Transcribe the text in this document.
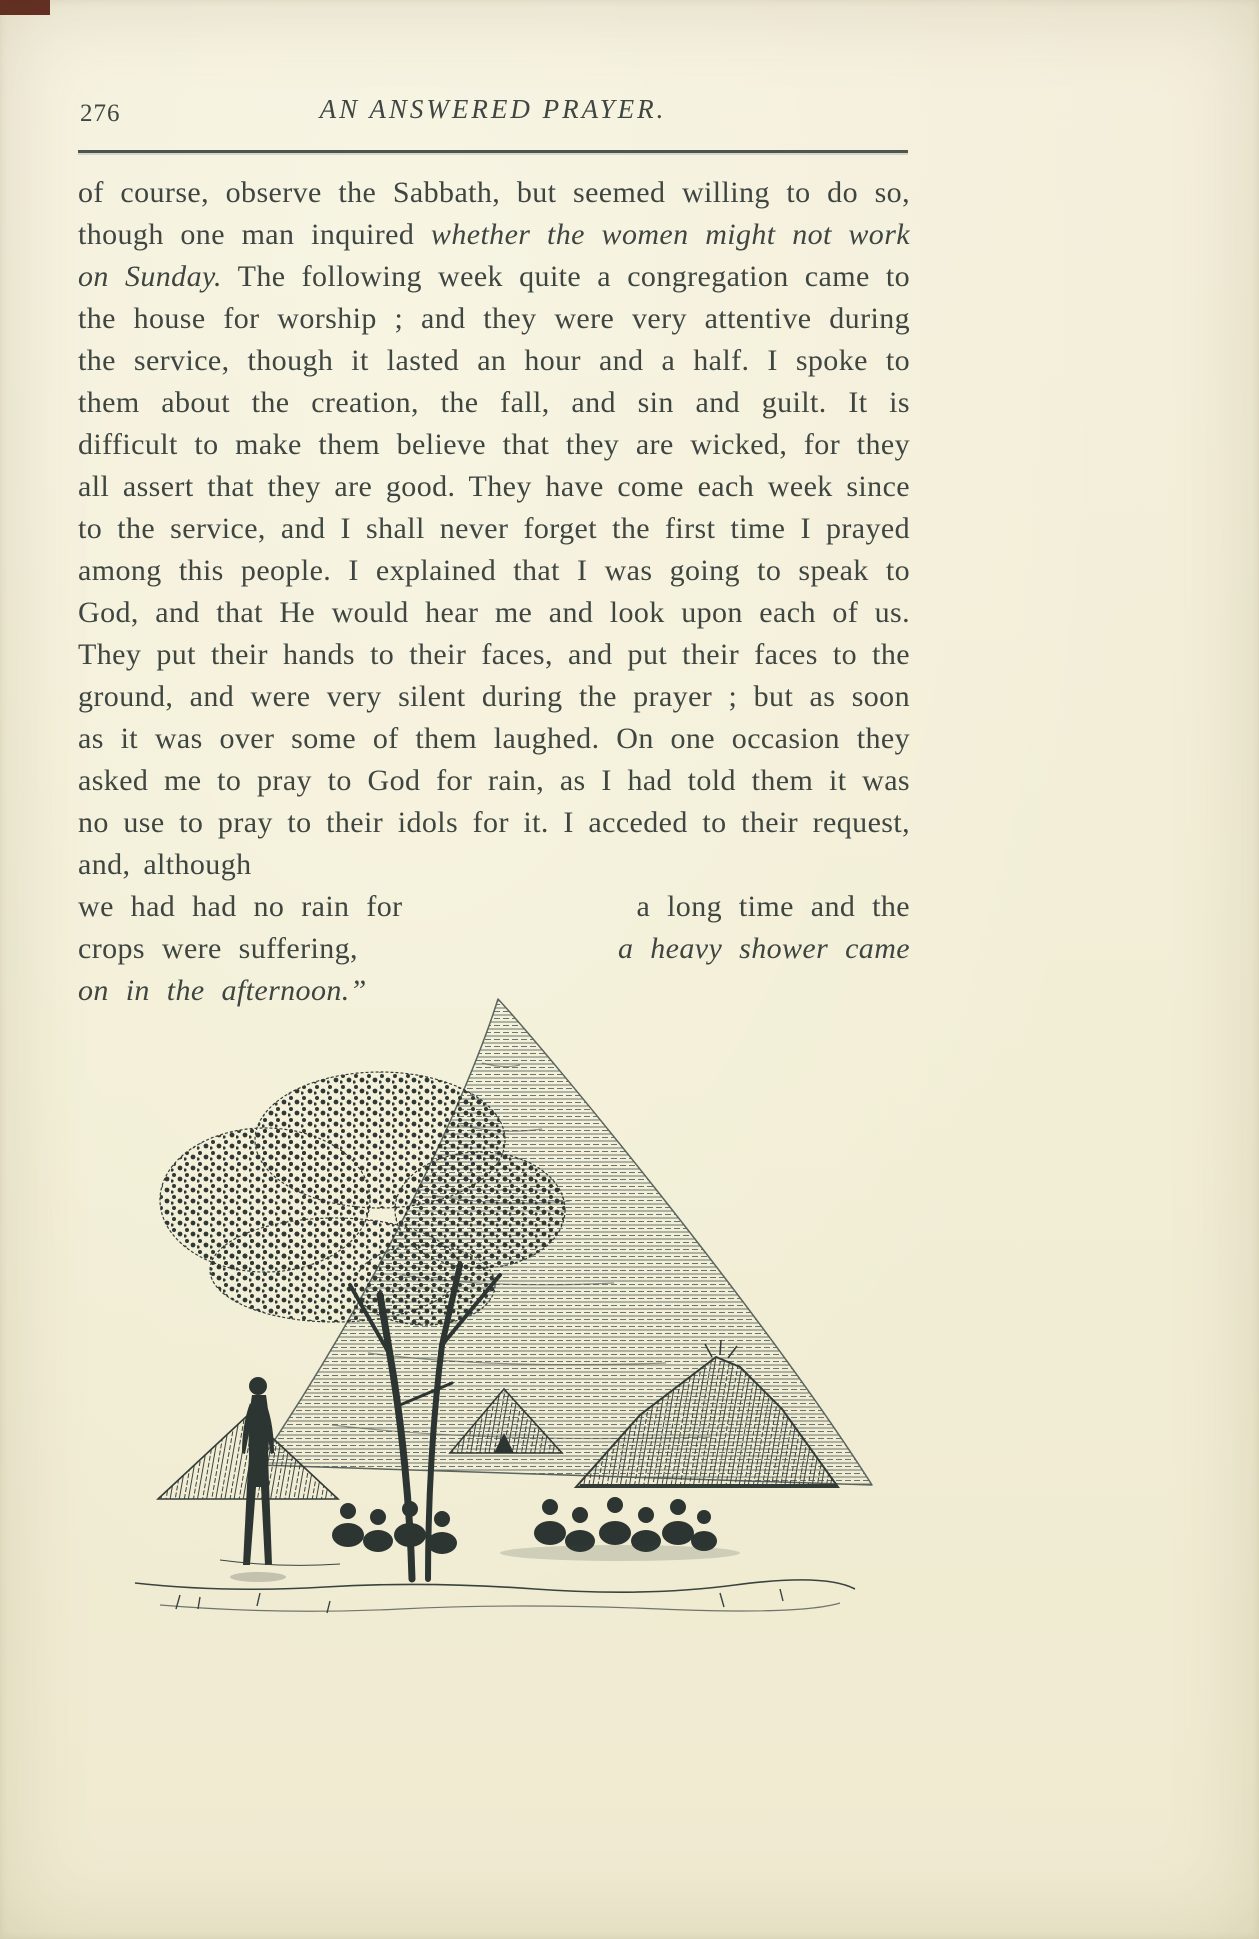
276	AN ANSWERED PRAYER.
of course, observe the Sabbath, but seemed willing to do so, though one man inquired whether the women might not work on Sunday. The following week quite a congregation came to the house for worship ; and they were very attentive during the service, though it lasted an hour and a half. I spoke to them about the creation, the fall, and sin and guilt. It is difficult to make them believe that they are wicked, for they all assert that they are good. They have come each week since to the service, and I shall never forget the first time I prayed among this people. I explained that I was going to speak to God, and that He would hear me and look upon each of us. They put their hands to their faces, and put their faces to the ground, and were very silent during the prayer ; but as soon as it was over some of them laughed. On one occasion they asked me to pray to God for rain, as I had told them it was no use to pray to their idols for it. I acceded to their request, and, although
we had had no rain for	a long time and the
crops were suffering,	a heavy shower came
on in the afternoon.”
